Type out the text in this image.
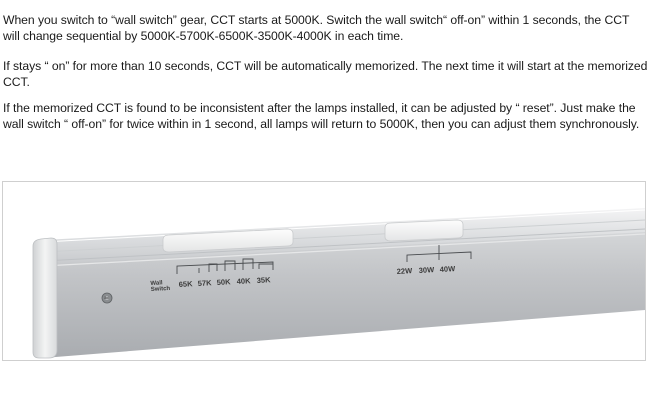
When you switch to “wall switch” gear, CCT starts at 5000K. Switch the wall switch“ off-on” within 1 seconds, the CCT will change sequential by 5000K-5700K-6500K-3500K-4000K in each time.

If stays “ on” for more than 10 seconds, CCT will be automatically memorized. The next time it will start at the memorized CCT.

If the memorized CCT is found to be inconsistent after the lamps installed, it can be adjusted by “ reset”. Just make the wall switch “ off-on” for twice within in 1 second, all lamps will return to 5000K, then you can adjust them synchronously.

Wall
Switch
65K 57K 50K 40K 35K
22W 30W 40W
3d
